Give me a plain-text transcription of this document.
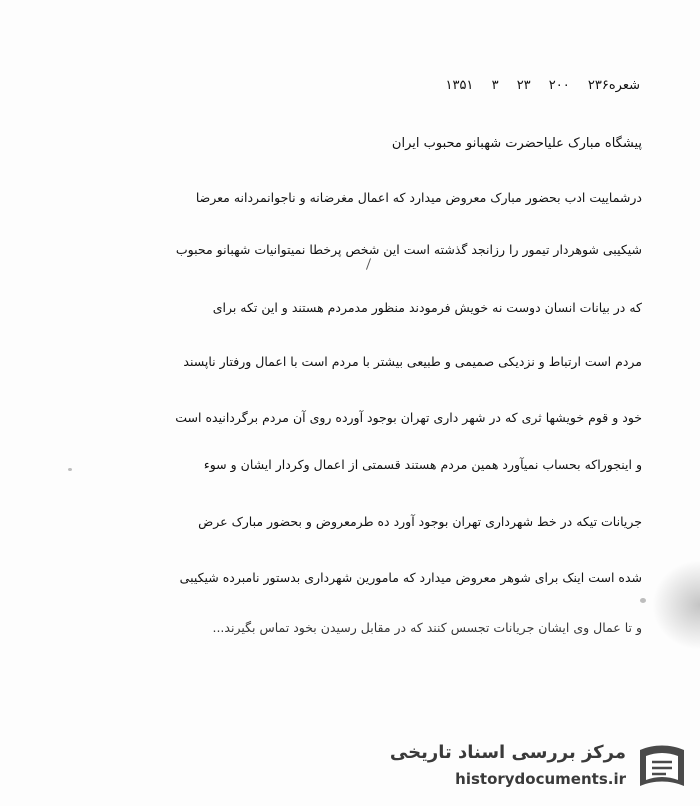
شعره۲۳۶ ۲۰۰ ۲۳ ۳ ۱۳۵۱
پیشگاه مبارک علیاحضرت شهبانو محبوب ایران
درشماییت ادب بحضور مبارک معروض میدارد که اعمال مغرضانه و ناجوانمردانه معرضا
شیکیبی شوهردار تیمور را رزانجد گذشته است این شخص پرخطا نمیتوانیات شهبانو محبوب
که در بیانات انسان دوست نه خویش فرمودند منظور مدمردم هستند و این تکه برای
مردم است ارتباط و نزدیکی صمیمی و طبیعی بیشتر با مردم است با اعمال ورفتار ناپسند
خود و قوم خویشها ثری که در شهر داری تهران بوجود آورده روی آن مردم برگردانیده است
و اینجوراکه بحساب نمیآورد همین مردم هستند قسمتی از اعمال وکردار ایشان و سوء
جریانات تیکه در خط شهرداری تهران بوجود آورد ده طرمعروض و بحضور مبارک عرض
شده است اینک برای شوهر معروض میدارد که مامورین شهرداری بدستور نامبرده شیکیبی
و تا عمال وی ایشان جریانات تجسس کنند که در مقابل رسیدن بخود تماس بگیرند...
مرکز بررسی اسناد تاریخی
historydocuments.ir
